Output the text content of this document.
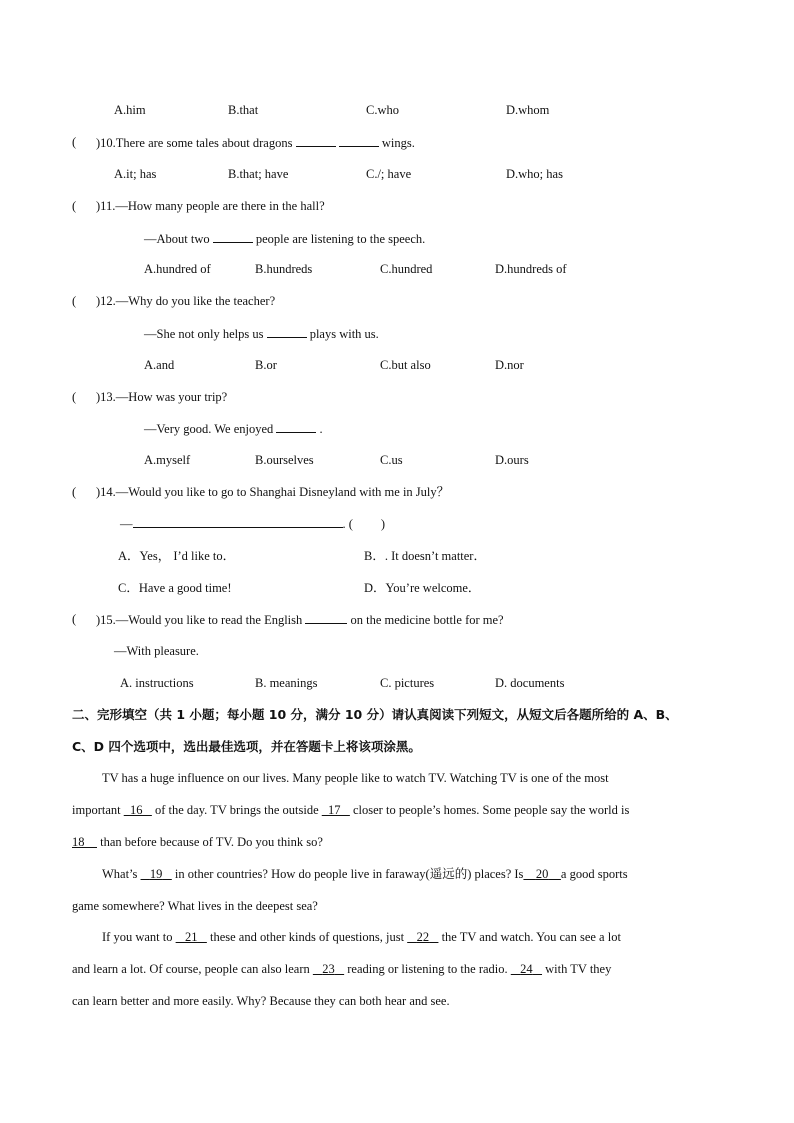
A.him	B.that	C.who	D.whom
( )10.There are some tales about dragons	wings.
A.it; has	B.that; have	C./; have	D.who; has
( )11.—How many people are there in the hall?
—About two	people are listening to the speech.
A.hundred of	B.hundreds	C.hundred	D.hundreds of
( )12.—Why do you like the teacher?
—She not only helps us	plays with us.
A.and	B.or	C.but also	D.nor
( )13.—How was your trip?
—Very good. We enjoyed	.
A.myself	B.ourselves	C.us	D.ours
( )14.—Would you like to go to Shanghai Disneyland with me in July？
—	. ( )
A．Yes， I’d like to．	B．. It doesn’t matter．
C．Have a good time!	D．You’re welcome．
( )15.—Would you like to read the English	on the medicine bottle for me?
—With pleasure.
A. instructions	B. meanings	C. pictures	D. documents
二、完形填空（共 1 小题；每小题 10 分，满分 10 分）请认真阅读下列短文，从短文后各题所给的 A、B、
C、D 四个选项中，选出最佳选项，并在答题卡上将该项涂黑。
TV has a huge influence on our lives. Many people like to watch TV. Watching TV is one of the most
important 16 of the day. TV brings the outside 17 closer to people’s homes. Some people say the world is
18 than before because of TV. Do you think so?
What’s 19 in other countries? How do people live in faraway(遥远的) places? Is 20 a good sports
game somewhere? What lives in the deepest sea?
If you want to 21 these and other kinds of questions, just 22 the TV and watch. You can see a lot
and learn a lot. Of course, people can also learn 23 reading or listening to the radio. 24 with TV they
can learn better and more easily. Why? Because they can both hear and see.
